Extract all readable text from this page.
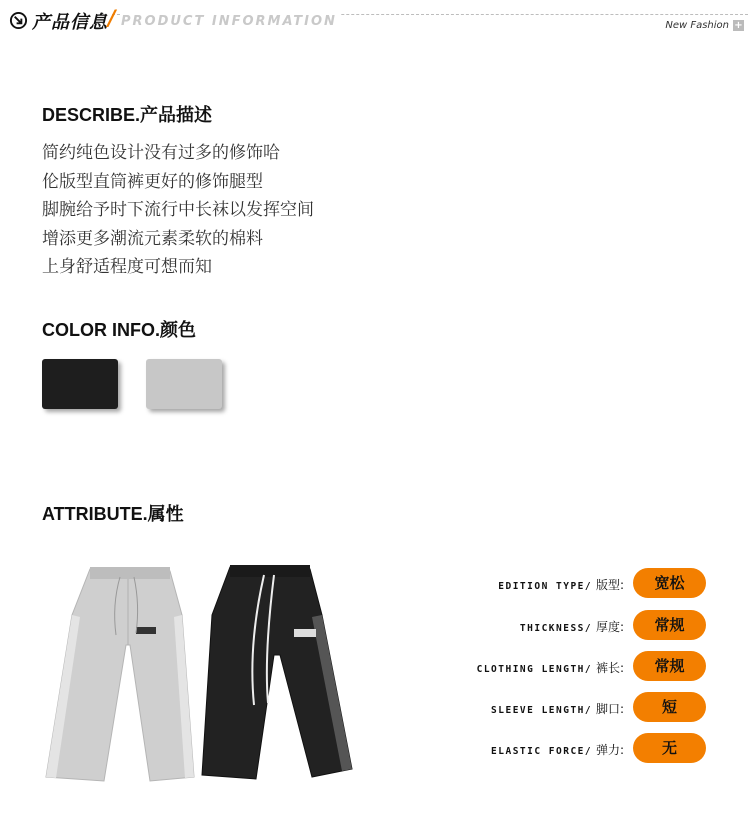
产品信息 / PRODUCT INFORMATION	New Fashion +
DESCRIBE.产品描述
简约纯色设计没有过多的修饰哈
伦版型直筒裤更好的修饰腿型
脚腕给予时下流行中长袜以发挥空间
增添更多潮流元素柔软的棉料
上身舒适程度可想而知
COLOR INFO.颜色
ATTRIBUTE.属性
EDITION TYPE/ 版型:	宽松
THICKNESS/ 厚度:	常规
CLOTHING LENGTH/ 裤长:	常规
SLEEVE LENGTH/ 脚口:	短
ELASTIC FORCE/ 弹力:	无
